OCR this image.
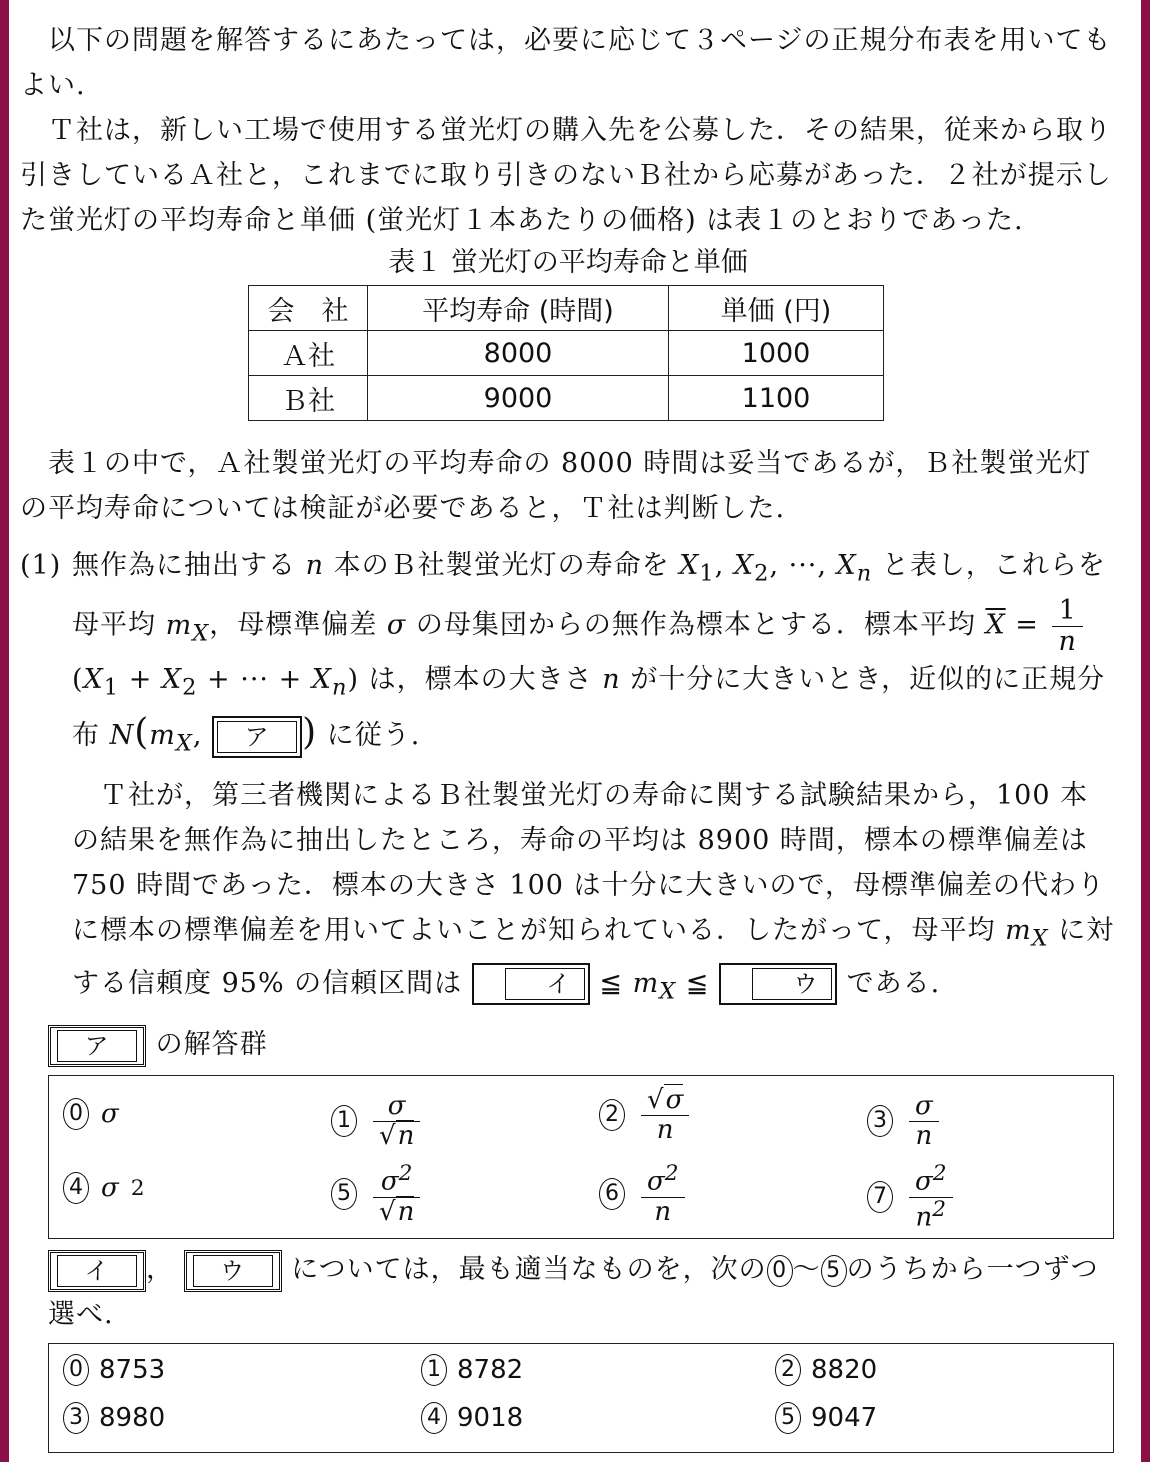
以下の問題を解答するにあたっては，必要に応じて３ページの正規分布表を用いてもよい.

Ｔ社は，新しい工場で使用する蛍光灯の購入先を公募した．その結果，従来から取り引きしているＡ社と，これまでに取り引きのないＢ社から応募があった．２社が提示した蛍光灯の平均寿命と単価 (蛍光灯１本あたりの価格) は表１のとおりであった.

表１ 蛍光灯の平均寿命と単価
会　社	平均寿命 (時間)	単価 (円)
Ａ社	8000	1000
Ｂ社	9000	1100

表１の中で，Ａ社製蛍光灯の平均寿命の 8000 時間は妥当であるが，Ｂ社製蛍光灯の平均寿命については検証が必要であると，Ｔ社は判断した.

(1) 無作為に抽出する n 本のＢ社製蛍光灯の寿命を $X_1$, $X_2$, ···, $X_n$ と表し，これらを母平均 $m_X$，母標準偏差 σ の母集団からの無作為標本とする．標本平均 $\overline{X} = \frac{1}{n}$
($X_1 + X_2$ + ··· + $X_n$) は，標本の大きさ n が十分に大きいとき，近似的に正規分布 $N(m_X$, ア ) に従う.
Ｔ社が，第三者機関によるＢ社製蛍光灯の寿命に関する試験結果から，100 本の結果を無作為に抽出したところ，寿命の平均は 8900 時間，標本の標準偏差は 750 時間であった．標本の大きさ 100 は十分に大きいので，母標準偏差の代わりに標本の標準偏差を用いてよいことが知られている．したがって，母平均 $m_X$ に対する信頼度 95% の信頼区間は	イ ≦ $m_X$ ≦	ウ である.
ア の解答群
0 σ	$1 \frac{\sigma}{√n}$	$2 \frac{√\sigma}{n}$	$3 \frac{\sigma}{n}$
4 σ 2	$5 \frac{\sigma^2}{√n}$	$6 \frac{\sigma^2}{n}$	$7 \frac{\sigma^2}{n^2}$
イ ， ウ については，最も適当なものを，次の 0 〜 5 のうちから一つずつ選べ.
0 8753	1 8782	2 8820
3 8980	4 9018	5 9047
